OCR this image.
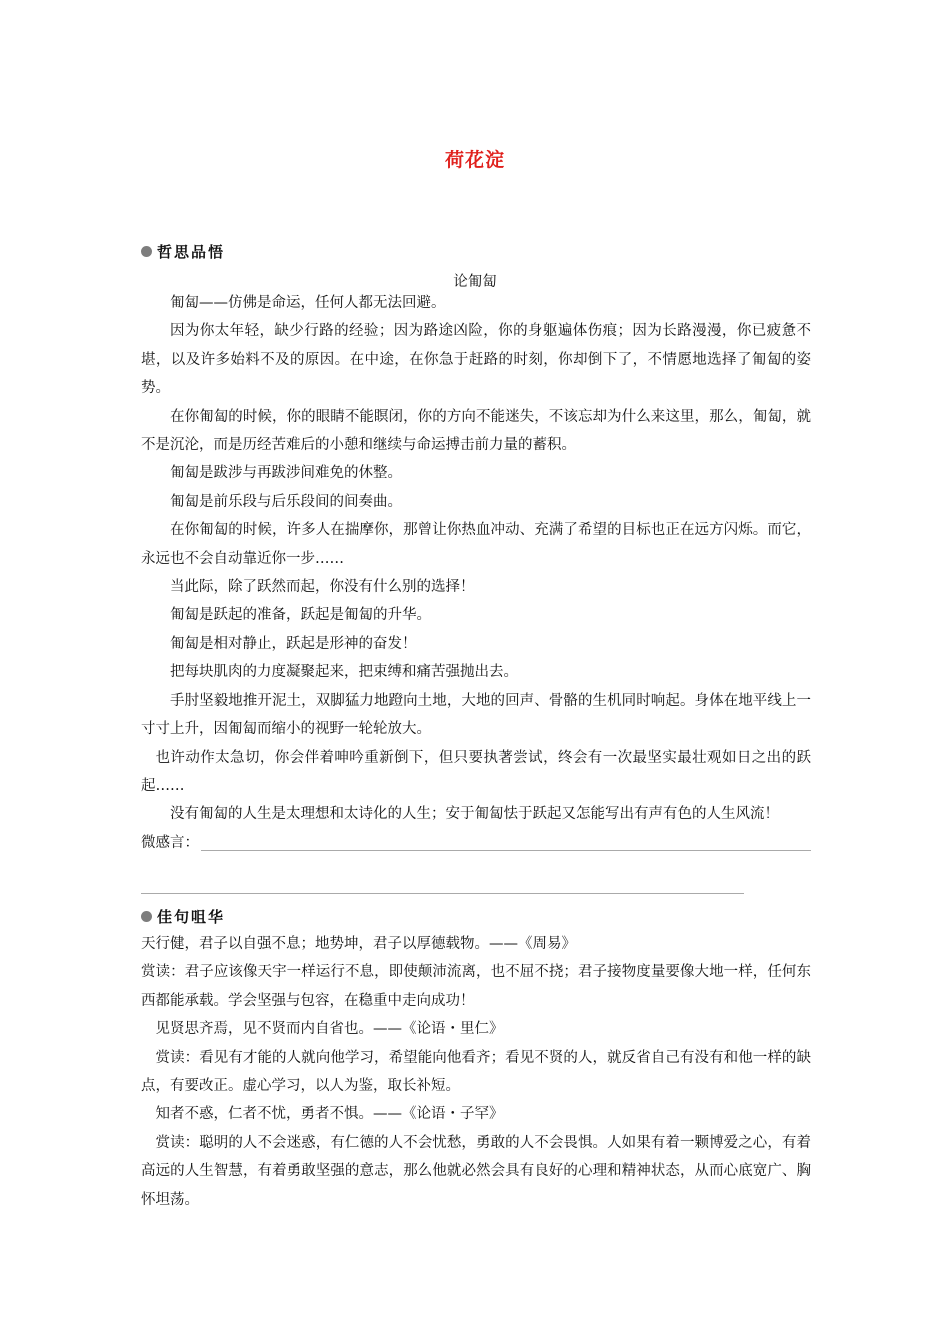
荷花淀
哲思品悟
论匍匐

匍匐——仿佛是命运，任何人都无法回避。

因为你太年轻，缺少行路的经验；因为路途凶险，你的身躯遍体伤痕；因为长路漫漫，你已疲惫不堪，以及许多始料不及的原因。在中途，在你急于赶路的时刻，你却倒下了，不情愿地选择了匍匐的姿势。

在你匍匐的时候，你的眼睛不能瞑闭，你的方向不能迷失，不该忘却为什么来这里，那么，匍匐，就不是沉沦，而是历经苦难后的小憩和继续与命运搏击前力量的蓄积。

匍匐是跋涉与再跋涉间难免的休整。

匍匐是前乐段与后乐段间的间奏曲。

在你匍匐的时候，许多人在揣摩你，那曾让你热血冲动、充满了希望的目标也正在远方闪烁。而它，永远也不会自动靠近你一步……

当此际，除了跃然而起，你没有什么别的选择！

匍匐是跃起的准备，跃起是匍匐的升华。

匍匐是相对静止，跃起是形神的奋发！

把每块肌肉的力度凝聚起来，把束缚和痛苦强抛出去。

手肘坚毅地推开泥土，双脚猛力地蹬向土地，大地的回声、骨骼的生机同时响起。身体在地平线上一寸寸上升，因匍匐而缩小的视野一轮轮放大。

也许动作太急切，你会伴着呻吟重新倒下，但只要执著尝试，终会有一次最坚实最壮观如日之出的跃起……

没有匍匐的人生是太理想和太诗化的人生；安于匍匐怯于跃起又怎能写出有声有色的人生风流！

微感言：
佳句咀华

天行健，君子以自强不息；地势坤，君子以厚德载物。——《周易》

赏读：君子应该像天宇一样运行不息，即使颠沛流离，也不屈不挠；君子接物度量要像大地一样，任何东西都能承载。学会坚强与包容，在稳重中走向成功！

见贤思齐焉，见不贤而内自省也。——《论语・里仁》

赏读：看见有才能的人就向他学习，希望能向他看齐；看见不贤的人，就反省自己有没有和他一样的缺点，有要改正。虚心学习，以人为鉴，取长补短。

知者不惑，仁者不忧，勇者不惧。——《论语・子罕》

赏读：聪明的人不会迷惑，有仁德的人不会忧愁，勇敢的人不会畏惧。人如果有着一颗博爱之心，有着高远的人生智慧，有着勇敢坚强的意志，那么他就必然会具有良好的心理和精神状态，从而心底宽广、胸怀坦荡。
